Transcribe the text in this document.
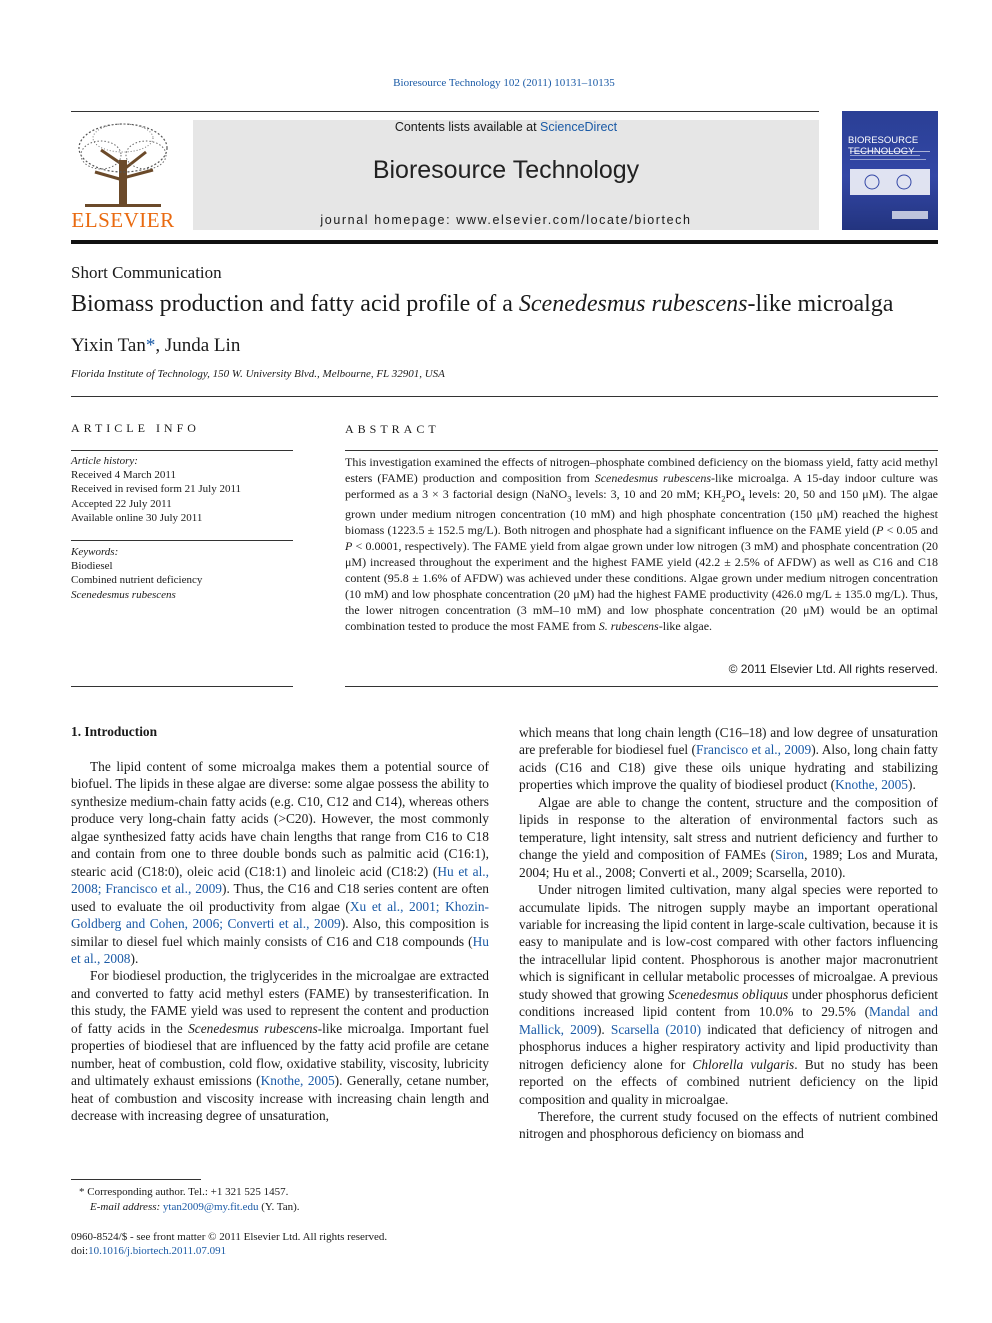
Bioresource Technology 102 (2011) 10131–10135
ELSEVIER
Contents lists available at ScienceDirect
Bioresource Technology
journal homepage: www.elsevier.com/locate/biortech
BIORESOURCE
TECHNOLOGY
Short Communication
Biomass production and fatty acid profile of a Scenedesmus rubescens-like microalga
Yixin Tan*, Junda Lin
Florida Institute of Technology, 150 W. University Blvd., Melbourne, FL 32901, USA
ARTICLE INFO
Article history:
Received 4 March 2011
Received in revised form 21 July 2011
Accepted 22 July 2011
Available online 30 July 2011
Keywords:
Biodiesel
Combined nutrient deficiency
Scenedesmus rubescens
ABSTRACT
This investigation examined the effects of nitrogen–phosphate combined deficiency on the biomass yield, fatty acid methyl esters (FAME) production and composition from Scenedesmus rubescens-like microalga. A 15-day indoor culture was performed as a 3 × 3 factorial design (NaNO$_3$ levels: 3, 10 and 20 mM; $KH_2PO_4$ levels: 20, 50 and 150 μM). The algae grown under medium nitrogen concentration (10 mM) and high phosphate concentration (150 μM) reached the highest biomass (1223.5 ± 152.5 mg/L). Both nitrogen and phosphate had a significant influence on the FAME yield (P < 0.05 and P < 0.0001, respectively). The FAME yield from algae grown under low nitrogen (3 mM) and phosphate concentration (20 μM) increased throughout the experiment and the highest FAME yield (42.2 ± 2.5% of AFDW) as well as C16 and C18 content (95.8 ± 1.6% of AFDW) was achieved under these conditions. Algae grown under medium nitrogen concentration (10 mM) and low phosphate concentration (20 μM) had the highest FAME productivity (426.0 mg/L ± 135.0 mg/L). Thus, the lower nitrogen concentration (3 mM–10 mM) and low phosphate concentration (20 μM) would be an optimal combination tested to produce the most FAME from S. rubescens-like algae.
© 2011 Elsevier Ltd. All rights reserved.
1. Introduction

The lipid content of some microalga makes them a potential source of biofuel. The lipids in these algae are diverse: some algae possess the ability to synthesize medium-chain fatty acids (e.g. C10, C12 and C14), whereas others produce very long-chain fatty acids (>C20). However, the most commonly algae synthesized fatty acids have chain lengths that range from C16 to C18 and contain from one to three double bonds such as palmitic acid (C16:1), stearic acid (C18:0), oleic acid (C18:1) and linoleic acid (C18:2) (Hu et al., 2008; Francisco et al., 2009). Thus, the C16 and C18 series content are often used to evaluate the oil productivity from algae (Xu et al., 2001; Khozin-Goldberg and Cohen, 2006; Converti et al., 2009). Also, this composition is similar to diesel fuel which mainly consists of C16 and C18 compounds (Hu et al., 2008).

For biodiesel production, the triglycerides in the microalgae are extracted and converted to fatty acid methyl esters (FAME) by transesterification. In this study, the FAME yield was used to represent the content and production of fatty acids in the Scenedesmus rubescens-like microalga. Important fuel properties of biodiesel that are influenced by the fatty acid profile are cetane number, heat of combustion, cold flow, oxidative stability, viscosity, lubricity and ultimately exhaust emissions (Knothe, 2005). Generally, cetane number, heat of combustion and viscosity increase with increasing chain length and decrease with increasing degree of unsaturation,

which means that long chain length (C16–18) and low degree of unsaturation are preferable for biodiesel fuel (Francisco et al., 2009). Also, long chain fatty acids (C16 and C18) give these oils unique hydrating and stabilizing properties which improve the quality of biodiesel product (Knothe, 2005).

Algae are able to change the content, structure and the composition of lipids in response to the alteration of environmental factors such as temperature, light intensity, salt stress and nutrient deficiency and further to change the yield and composition of FAMEs (Siron, 1989; Los and Murata, 2004; Hu et al., 2008; Converti et al., 2009; Scarsella, 2010).

Under nitrogen limited cultivation, many algal species were reported to accumulate lipids. The nitrogen supply maybe an important operational variable for increasing the lipid content in large-scale cultivation, because it is easy to manipulate and is low-cost compared with other factors influencing the intracellular lipid content. Phosphorous is another major macronutrient which is significant in cellular metabolic processes of microalgae. A previous study showed that growing Scenedesmus obliquus under phosphorus deficient conditions increased lipid content from 10.0% to 29.5% (Mandal and Mallick, 2009). Scarsella (2010) indicated that deficiency of nitrogen and phosphorus induces a higher respiratory activity and lipid productivity than nitrogen deficiency alone for Chlorella vulgaris. But no study has been reported on the effects of combined nutrient deficiency on the lipid composition and quality in microalgae.

Therefore, the current study focused on the effects of nutrient combined nitrogen and phosphorous deficiency on biomass and

* Corresponding author. Tel.: +1 321 525 1457.
E-mail address: ytan2009@my.fit.edu (Y. Tan).
0960-8524/$ - see front matter © 2011 Elsevier Ltd. All rights reserved.
doi:10.1016/j.biortech.2011.07.091
